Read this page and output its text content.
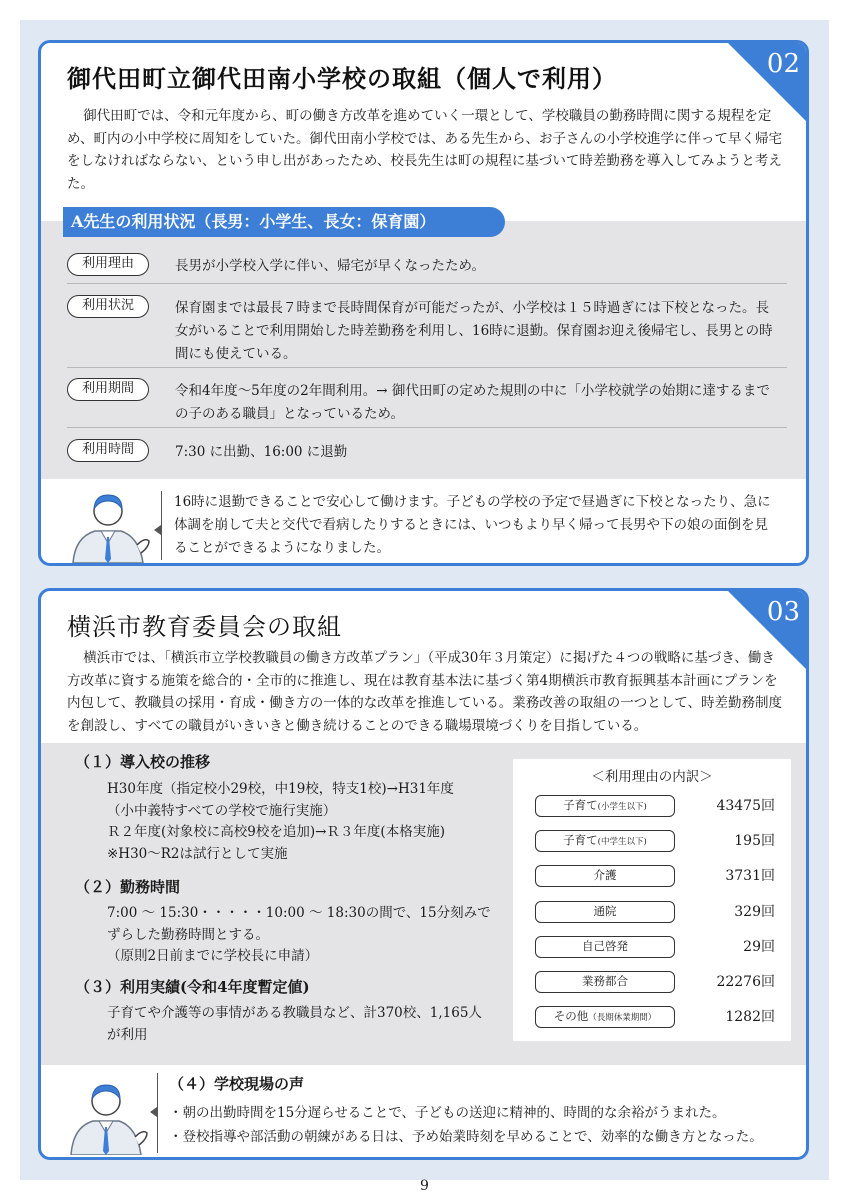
02
御代田町立御代田南小学校の取組（個人で利用）
御代田町では、令和元年度から、町の働き方改革を進めていく一環として、学校職員の勤務時間に関する規程を定め、町内の小中学校に周知をしていた。御代田南小学校では、ある先生から、お子さんの小学校進学に伴って早く帰宅をしなければならない、という申し出があったため、校長先生は町の規程に基づいて時差勤務を導入してみようと考えた。
A先生の利用状況（長男：小学生、長女：保育園）
利用理由	長男が小学校入学に伴い、帰宅が早くなったため。
利用状況	保育園までは最長７時まで長時間保育が可能だったが、小学校は１５時過ぎには下校となった。長女がいることで利用開始した時差勤務を利用し、16時に退勤。保育園お迎え後帰宅し、長男との時間にも使えている。
利用期間	令和4年度〜5年度の2年間利用。→ 御代田町の定めた規則の中に「小学校就学の始期に達するまでの子のある職員」となっているため。
利用時間	7:30 に出勤、16:00 に退勤
16時に退勤できることで安心して働けます。子どもの学校の予定で昼過ぎに下校となったり、急に体調を崩して夫と交代で看病したりするときには、いつもより早く帰って長男や下の娘の面倒を見ることができるようになりました。
03
横浜市教育委員会の取組
横浜市では、「横浜市立学校教職員の働き方改革プラン」（平成30年３月策定）に掲げた４つの戦略に基づき、働き方改革に資する施策を総合的・全市的に推進し、現在は教育基本法に基づく第4期横浜市教育振興基本計画にプランを内包して、教職員の採用・育成・働き方の一体的な改革を推進している。業務改善の取組の一つとして、時差勤務制度を創設し、すべての職員がいきいきと働き続けることのできる職場環境づくりを目指している。
（１）導入校の推移
H30年度（指定校小29校，中19校，特支1校)→H31年度
（小中義特すべての学校で施行実施）
Ｒ２年度(対象校に高校9校を追加)→Ｒ３年度(本格実施)
※H30〜R2は試行として実施
（２）勤務時間
7:00 〜 15:30・・・・・10:00 〜 18:30の間で、15分刻みで
ずらした勤務時間とする。
（原則2日前までに学校長に申請）
（３）利用実績(令和4年度暫定値)
子育てや介護等の事情がある教職員など、計370校、1,165人
が利用
＜利用理由の内訳＞
子育て(小学生以下)	43475回
子育て(中学生以下)	195回
介護	3731回
通院	329回
自己啓発	29回
業務都合	22276回
その他（長期休業期間）	1282回
（４）学校現場の声
・朝の出勤時間を15分遅らせることで、子どもの送迎に精神的、時間的な余裕がうまれた。
・登校指導や部活動の朝練がある日は、予め始業時刻を早めることで、効率的な働き方となった。
9
